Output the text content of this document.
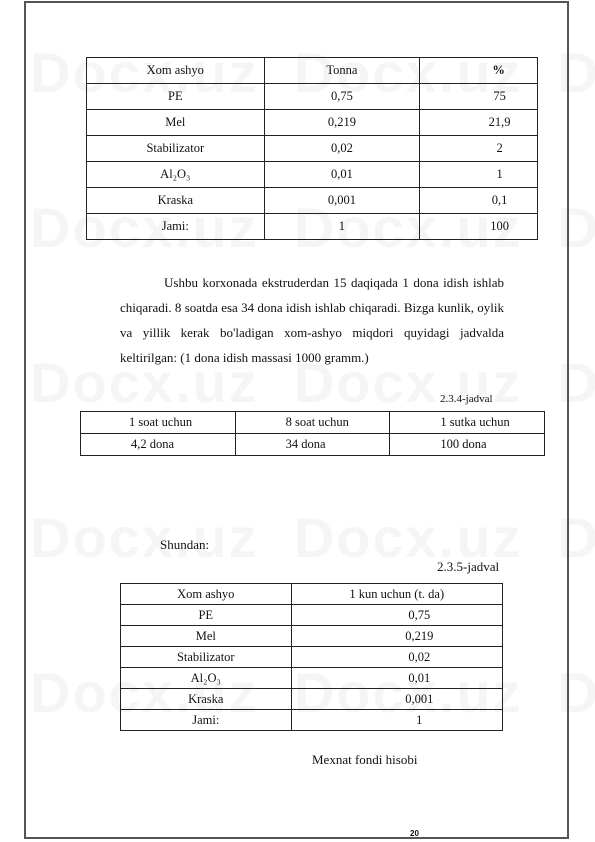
Xom ashyo	Tonna	%
PE	0,75	75
Mel	0,219	21,9
Stabilizator	0,02	2
Al₂O₃	0,01	1
Kraska	0,001	0,1
Jami:	1	100
Ushbu korxonada ekstruderdan 15 daqiqada 1 dona idish ishlab chiqaradi. 8 soatda esa 34 dona idish ishlab chiqaradi. Bizga kunlik, oylik va yillik kerak bo'ladigan xom-ashyo miqdori quyidagi jadvalda keltirilgan: (1 dona idish massasi 1000 gramm.)
2.3.4-jadval
1 soat uchun	8 soat uchun	1 sutka uchun
4,2 dona	34 dona	100 dona
Shundan:
2.3.5-jadval
Xom ashyo	1 kun uchun (t. da)
PE	0,75
Mel	0,219
Stabilizator	0,02
Al₂O₃	0,01
Kraska	0,001
Jami:	1
Mexnat fondi hisobi
20
